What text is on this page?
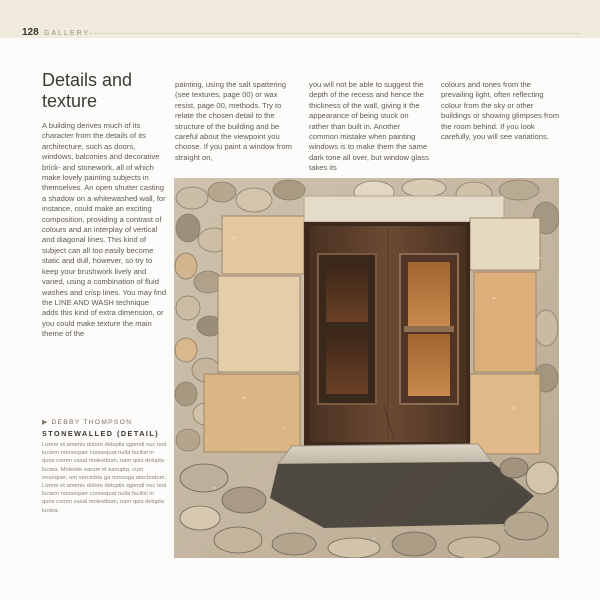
128 GALLERY
Details and texture

A building derives much of its character from the details of its architecture, such as doors, windows, balconies and decorative brick- and stonework, all of which make lovely painting subjects in themselves. An open shutter casting a shadow on a whitewashed wall, for instance, could make an exciting composition, providing a contrast of colours and an interplay of vertical and diagonal lines. This kind of subject can all too easily become static and dull, however, so try to keep your brushwork lively and varied, using a combination of fluid washes and crisp lines. You may find the LINE AND WASH technique adds this kind of extra dimension, or you could make texture the main theme of the

painting, using the salt spattering (see textures, page 00) or wax resist, page 00, methods. Try to relate the chosen detail to the structure of the building and be careful about the viewpoint you choose. If you paint a window from straight on,

you will not be able to suggest the depth of the recess and hence the thickness of the wall, giving it the appearance of being stuck on rather than built in. Another common mistake when painting windows is to make them the same dark tone all over, but window glass takes its

colours and tones from the prevailing light, often reflecting colour from the sky or other buildings or showing glimpses from the room behind. If you look carefully, you will see variations.

▶ DEBBY THOMPSON
STONEWALLED (DETAIL)
Lorem et amenis dolore deluptis sgiendi nuc test luctem nonsequer consequat nulla facilisi in quos comm vasal molestitum, nam quis delupta luctea. Molestie earum et kanupta, cum onsequer, um vercinbta ga nonsuga atechodum, Lorem et amenis dolore deluptis sgiendi nuc test luctem nonsequer consequat nulla facilisi in quos comm vasal molestitum, nam quis delupta luctea.
